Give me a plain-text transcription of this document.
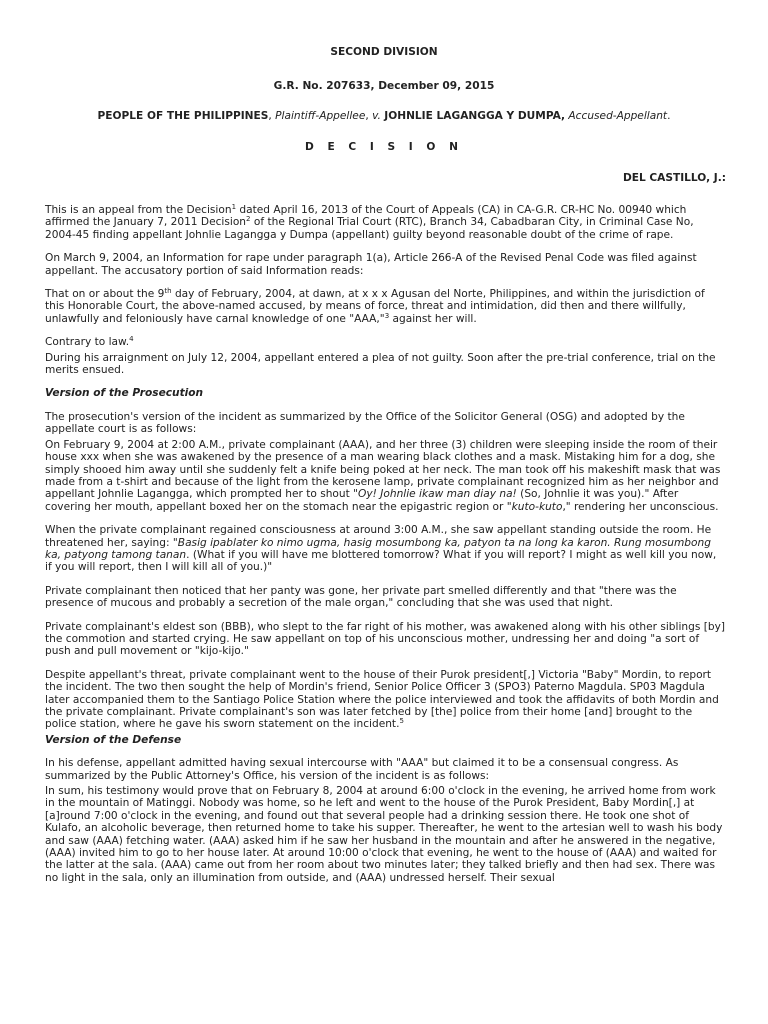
SECOND DIVISION
G.R. No. 207633, December 09, 2015
PEOPLE OF THE PHILIPPINES, Plaintiff-Appellee, v. JOHNLIE LAGANGGA Y DUMPA, Accused-Appellant.
D E C I S I O N
DEL CASTILLO, J.:

This is an appeal from the Decision$^1$ dated April 16, 2013 of the Court of Appeals (CA) in CA-G.R. CR-HC No. 00940 which affirmed the January 7, 2011 Decision$^2$ of the Regional Trial Court (RTC), Branch 34, Cabadbaran City, in Criminal Case No, 2004-45 finding appellant Johnlie Lagangga y Dumpa (appellant) guilty beyond reasonable doubt of the crime of rape.

On March 9, 2004, an Information for rape under paragraph 1(a), Article 266-A of the Revised Penal Code was filed against appellant. The accusatory portion of said Information reads:

That on or about the 9th day of February, 2004, at dawn, at x x x Agusan del Norte, Philippines, and within the jurisdiction of this Honorable Court, the above-named accused, by means of force, threat and intimidation, did then and there willfully, unlawfully and feloniously have carnal knowledge of one "AAA,"$^3$ against her will.

Contrary to law.$^4$

During his arraignment on July 12, 2004, appellant entered a plea of not guilty. Soon after the pre-trial conference, trial on the merits ensued.

Version of the Prosecution

The prosecution's version of the incident as summarized by the Office of the Solicitor General (OSG) and adopted by the appellate court is as follows:

On February 9, 2004 at 2:00 A.M., private complainant (AAA), and her three (3) children were sleeping inside the room of their house xxx when she was awakened by the presence of a man wearing black clothes and a mask. Mistaking him for a dog, she simply shooed him away until she suddenly felt a knife being poked at her neck. The man took off his makeshift mask that was made from a t-shirt and because of the light from the kerosene lamp, private complainant recognized him as her neighbor and appellant Johnlie Lagangga, which prompted her to shout "Oy! Johnlie ikaw man diay na! (So, Johnlie it was you)." After covering her mouth, appellant boxed her on the stomach near the epigastric region or "kuto-kuto," rendering her unconscious.

When the private complainant regained consciousness at around 3:00 A.M., she saw appellant standing outside the room. He threatened her, saying: "Basig ipablater ko nimo ugma, hasig mosumbong ka, patyon ta na long ka karon. Rung mosumbong ka, patyong tamong tanan. (What if you will have me blottered tomorrow? What if you will report? I might as well kill you now, if you will report, then I will kill all of you.)"

Private complainant then noticed that her panty was gone, her private part smelled differently and that "there was the presence of mucous and probably a secretion of the male organ," concluding that she was used that night.

Private complainant's eldest son (BBB), who slept to the far right of his mother, was awakened along with his other siblings [by] the commotion and started crying. He saw appellant on top of his unconscious mother, undressing her and doing "a sort of push and pull movement or "kijo-kijo."

Despite appellant's threat, private complainant went to the house of their Purok president[,] Victoria "Baby" Mordin, to report the incident. The two then sought the help of Mordin's friend, Senior Police Officer 3 (SPO3) Paterno Magdula. SP03 Magdula later accompanied them to the Santiago Police Station where the police interviewed and took the affidavits of both Mordin and the private complainant. Private complainant's son was later fetched by [the] police from their home [and] brought to the police station, where he gave his sworn statement on the incident.$^5$

Version of the Defense

In his defense, appellant admitted having sexual intercourse with "AAA" but claimed it to be a consensual congress. As summarized by the Public Attorney's Office, his version of the incident is as follows:

In sum, his testimony would prove that on February 8, 2004 at around 6:00 o'clock in the evening, he arrived home from work in the mountain of Matinggi. Nobody was home, so he left and went to the house of the Purok President, Baby Mordin[,] at [a]round 7:00 o'clock in the evening, and found out that several people had a drinking session there. He took one shot of Kulafo, an alcoholic beverage, then returned home to take his supper. Thereafter, he went to the artesian well to wash his body and saw (AAA) fetching water. (AAA) asked him if he saw her husband in the mountain and after he answered in the negative, (AAA) invited him to go to her house later. At around 10:00 o'clock that evening, he went to the house of (AAA) and waited for the latter at the sala. (AAA) came out from her room about two minutes later; they talked briefly and then had sex. There was no light in the sala, only an illumination from outside, and (AAA) undressed herself. Their sexual
